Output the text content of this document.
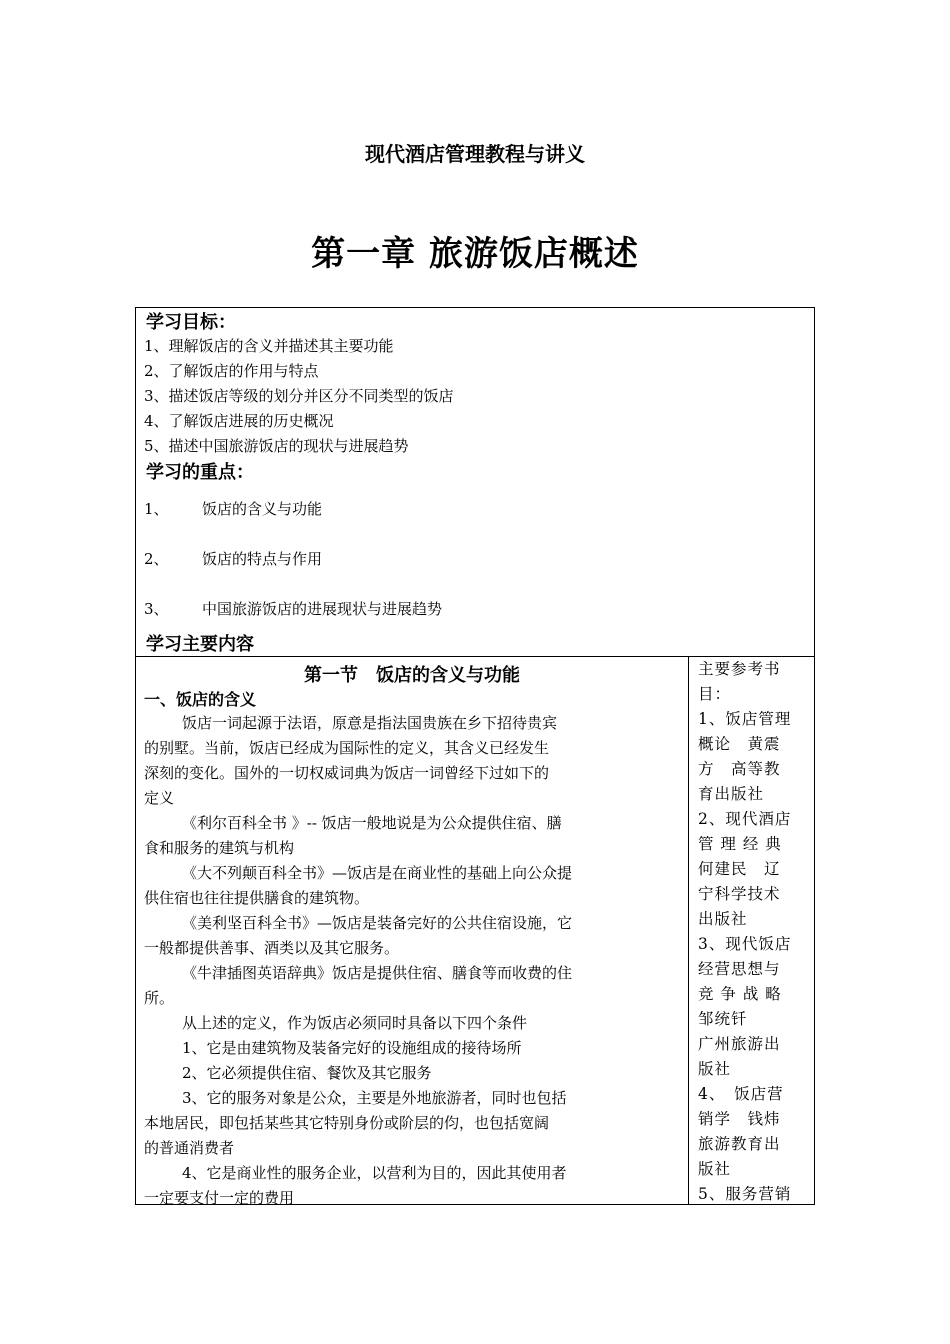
现代酒店管理教程与讲义
第一章 旅游饭店概述
学习目标：
1、理解饭店的含义并描述其主要功能
2、了解饭店的作用与特点
3、描述饭店等级的划分并区分不同类型的饭店
4、了解饭店进展的历史概况
5、描述中国旅游饭店的现状与进展趋势
学习的重点：
1、 饭店的含义与功能
2、 饭店的特点与作用
3、 中国旅游饭店的进展现状与进展趋势
学习主要内容
第一节　饭店的含义与功能
一、饭店的含义
饭店一词起源于法语，原意是指法国贵族在乡下招待贵宾
的别墅。当前，饭店已经成为国际性的定义，其含义已经发生
深刻的变化。国外的一切权威词典为饭店一词曾经下过如下的
定义
《利尔百科全书 》-- 饭店一般地说是为公众提供住宿、膳
食和服务的建筑与机构
《大不列颠百科全书》—饭店是在商业性的基础上向公众提
供住宿也往往提供膳食的建筑物。
《美利坚百科全书》—饭店是装备完好的公共住宿设施，它
一般都提供善事、酒类以及其它服务。
《牛津插图英语辞典》饭店是提供住宿、膳食等而收费的住
所。
从上述的定义，作为饭店必须同时具备以下四个条件
1、它是由建筑物及装备完好的设施组成的接待场所
2、它必须提供住宿、餐饮及其它服务
3、它的服务对象是公众，主要是外地旅游者，同时也包括
本地居民，即包括某些其它特别身份或阶层的伨，也包括宽阔
的普通消费者
4、它是商业性的服务企业，以营利为目的，因此其使用者
一定要支付一定的费用
主要参考书
目：
1、饭店管理
概论　黄震
方　高等教
育出版社
2、现代酒店
管 理 经 典
何建民　辽
宁科学技术
出版社
3、现代饭店
经营思想与
竞 争 战 略
邹统钎
广州旅游出
版社
4、　饭店营
销学　钱炜
旅游教育出
版社
5、服务营销
